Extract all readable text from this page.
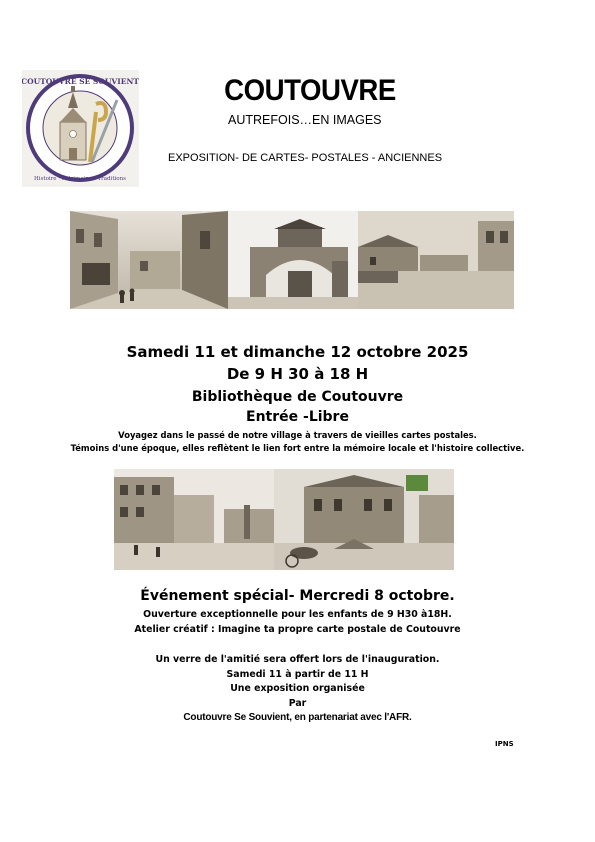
COUTOUVRE SE SOUVIENT
Histoire · Patrimoine · Traditions
COUTOUVRE
AUTREFOIS…EN IMAGES
EXPOSITION- DE CARTES- POSTALES - ANCIENNES
Samedi 11 et dimanche 12 octobre 2025
De 9 H 30 à 18 H
Bibliothèque de Coutouvre
Entrée -Libre
Voyagez dans le passé de notre village à travers de vieilles cartes postales.
Témoins d'une époque, elles reflètent le lien fort entre la mémoire locale et l'histoire collective.
Événement spécial- Mercredi 8 octobre.
Ouverture exceptionnelle pour les enfants de 9 H30 à18H.
Atelier créatif : Imagine ta propre carte postale de Coutouvre
Un verre de l'amitié sera offert lors de l'inauguration.
Samedi 11 à partir de 11 H
Une exposition organisée
Par
Coutouvre Se Souvient, en partenariat avec l'AFR.
IPNS
